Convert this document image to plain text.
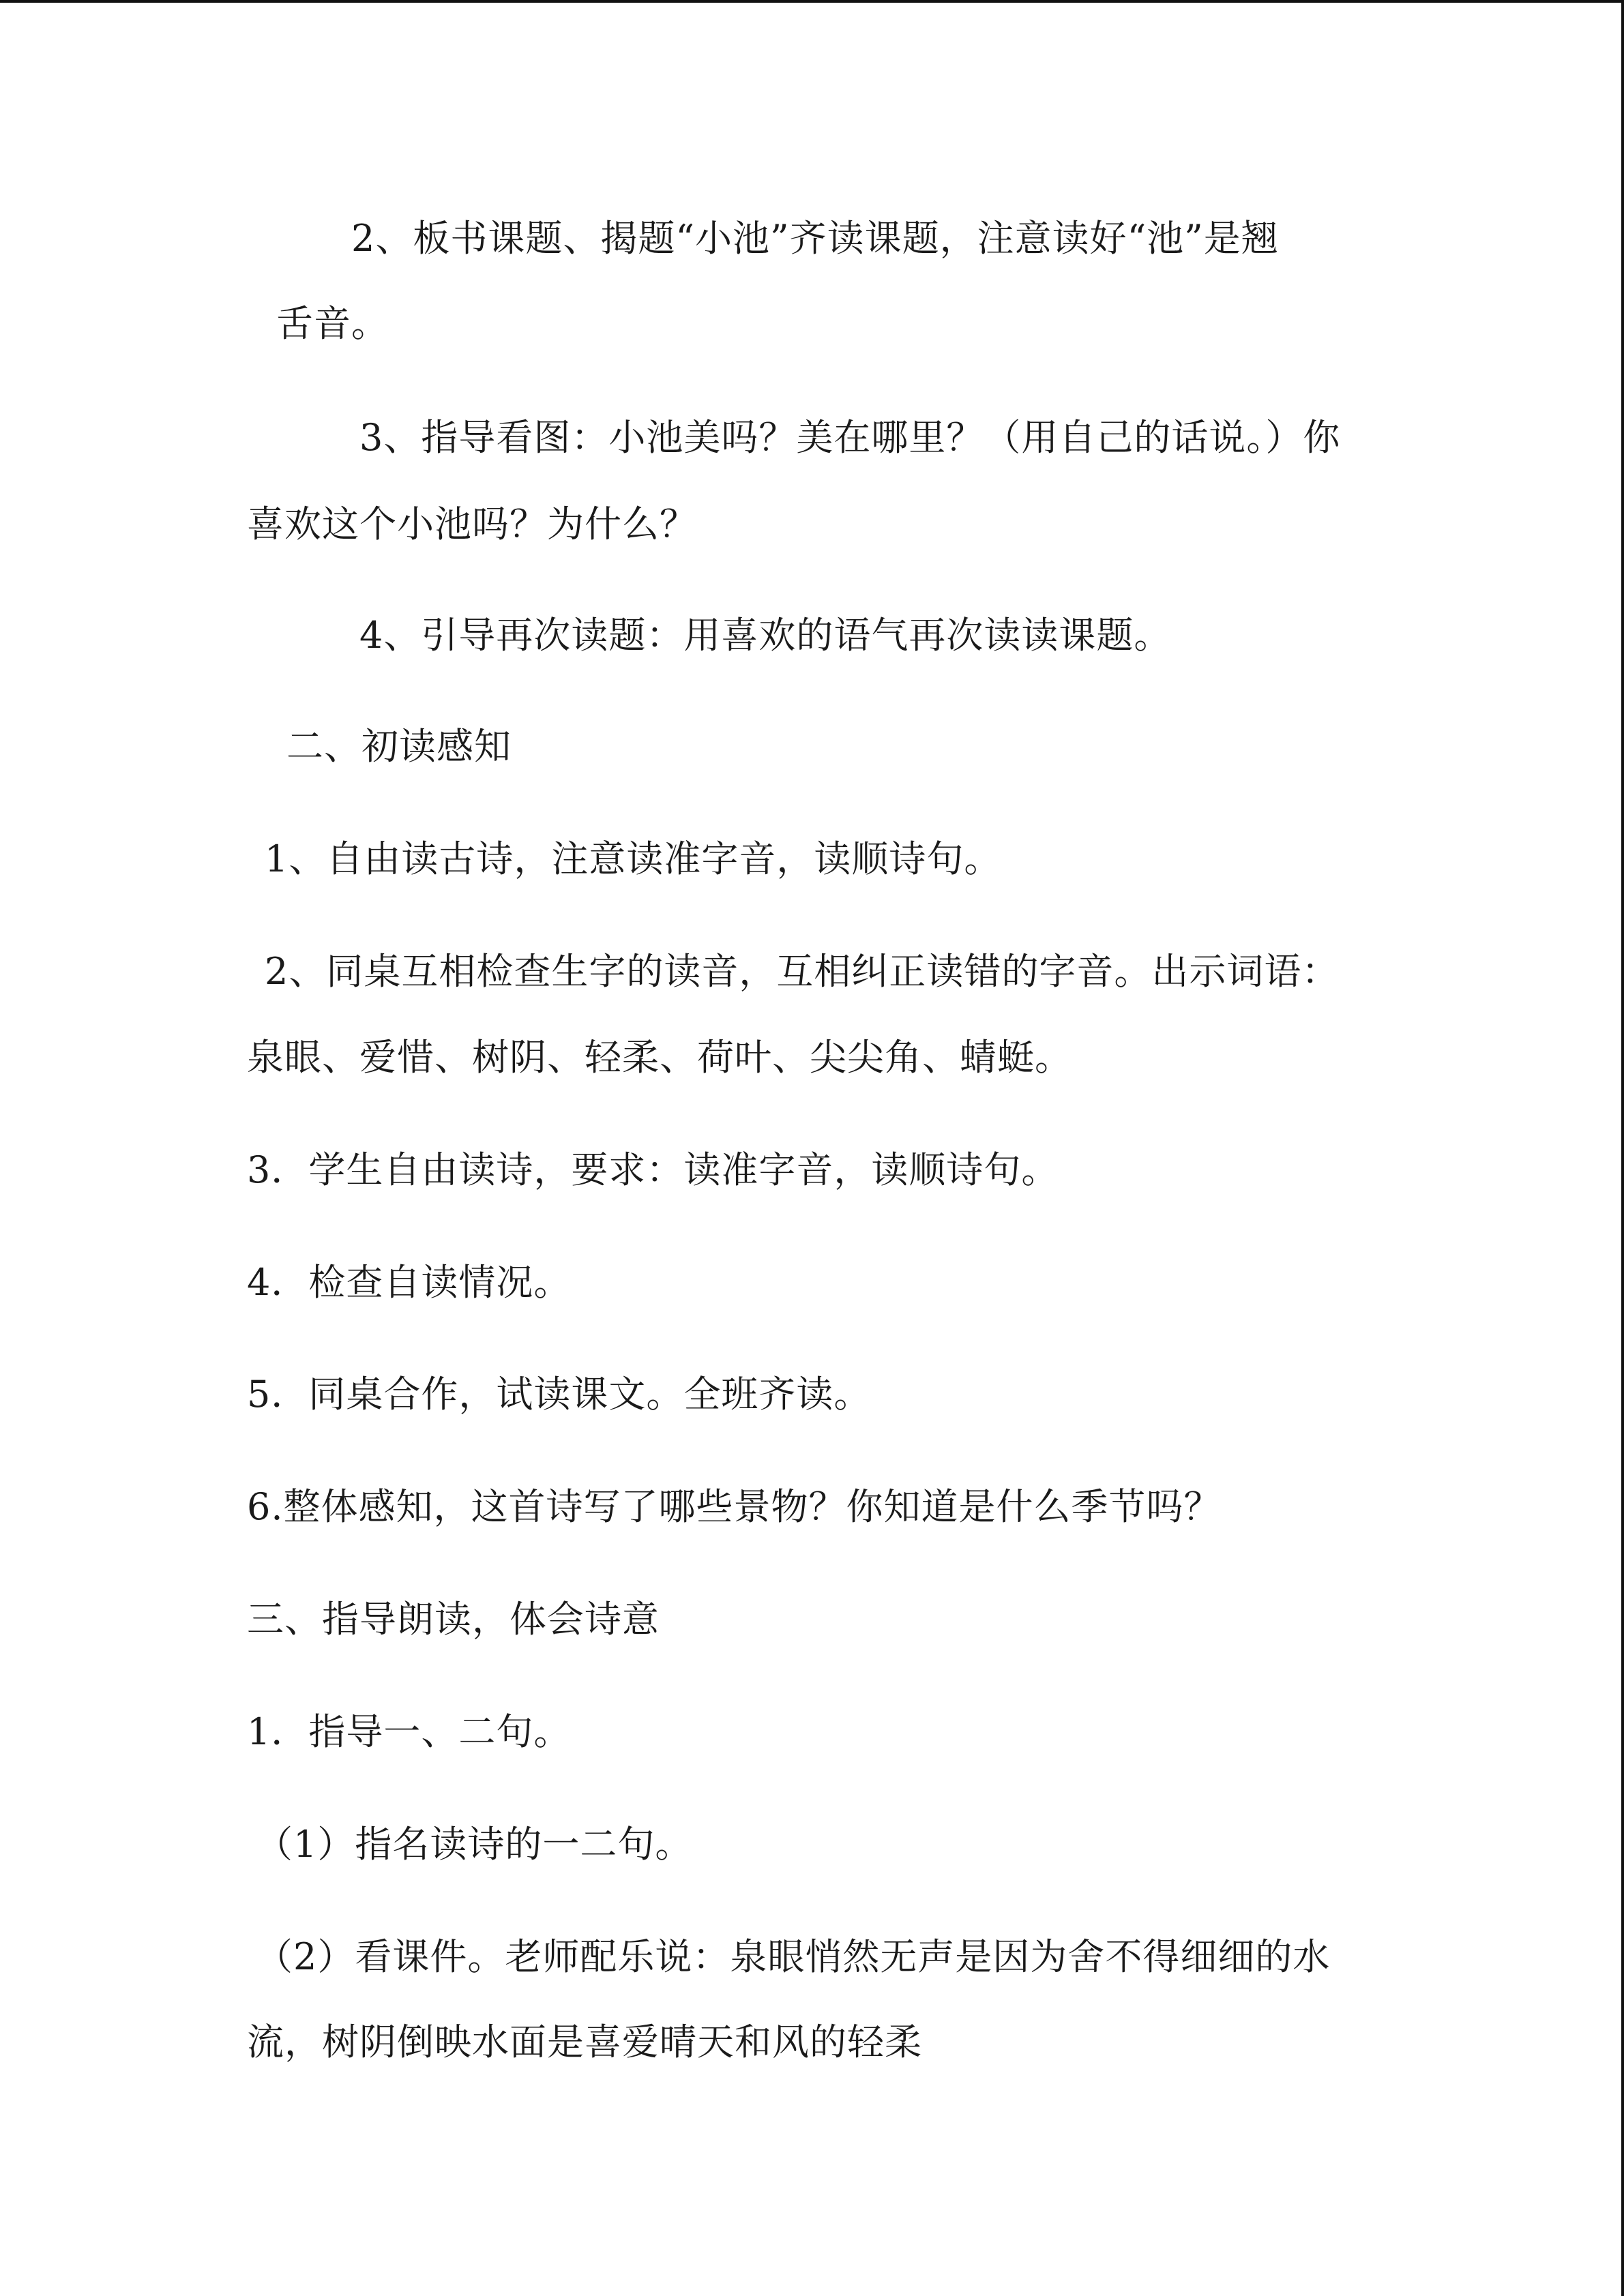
2、板书课题、揭题“小池”齐读课题，注意读好“池”是翘
舌音。
3、指导看图：小池美吗？美在哪里？（用自己的话说。）你
喜欢这个小池吗？为什么？
4、引导再次读题：用喜欢的语气再次读读课题。
二、初读感知
1、自由读古诗，注意读准字音，读顺诗句。
2、同桌互相检查生字的读音，互相纠正读错的字音。出示词语：
泉眼、爱惜、树阴、轻柔、荷叶、尖尖角、蜻蜓。
3．学生自由读诗，要求：读准字音，读顺诗句。
4．检查自读情况。
5．同桌合作，试读课文。全班齐读。
6.整体感知，这首诗写了哪些景物？你知道是什么季节吗？
三、指导朗读，体会诗意
1．指导一、二句。
（1）指名读诗的一二句。
（2）看课件。老师配乐说：泉眼悄然无声是因为舍不得细细的水
流，树阴倒映水面是喜爱晴天和风的轻柔
